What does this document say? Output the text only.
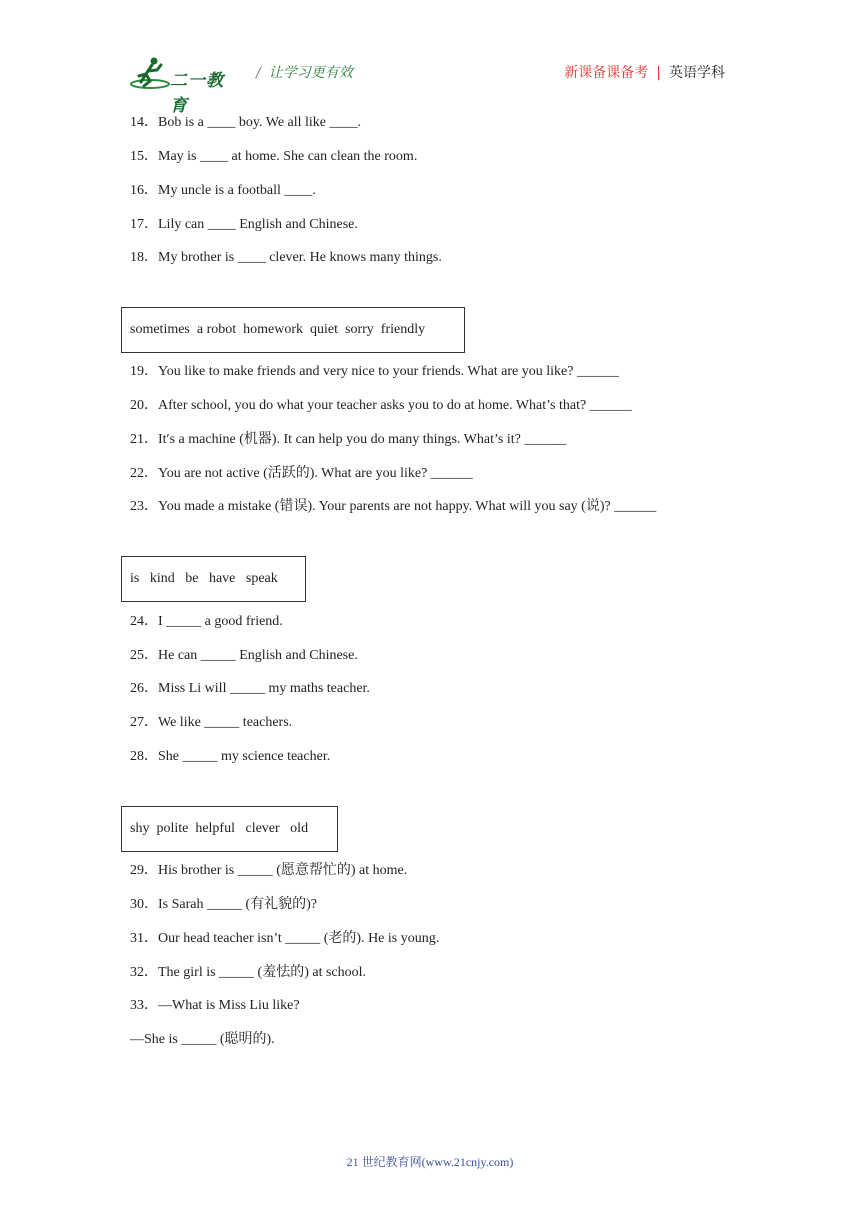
二一教育
/ 让学习更有效	新课备课备考 | 英语学科
14．Bob is a ____ boy. We all like ____.
15．May is ____ at home. She can clean the room.
16．My uncle is a football ____.
17．Lily can ____ English and Chinese.
18．My brother is ____ clever. He knows many things.
sometimes  a robot  homework  quiet  sorry  friendly
19．You like to make friends and very nice to your friends. What are you like? ______
20．After school, you do what your teacher asks you to do at home. What’s that? ______
21．It′s a machine (机器). It can help you do many things. What’s it? ______
22．You are not active (活跃的). What are you like? ______
23．You made a mistake (错误). Your parents are not happy. What will you say (说)? ______
is   kind   be   have   speak
24．I _____ a good friend.
25．He can _____ English and Chinese.
26．Miss Li will _____ my maths teacher.
27．We like _____ teachers.
28．She _____ my science teacher.
shy  polite  helpful   clever   old
29．His brother is _____ (愿意帮忙的) at home.
30．Is Sarah _____ (有礼貌的)?
31．Our head teacher isn’t _____ (老的). He is young.
32．The girl is _____ (羞怯的) at school.
33．—What is Miss Liu like?
—She is _____ (聪明的).
21 世纪教育网(www.21cnjy.com)
